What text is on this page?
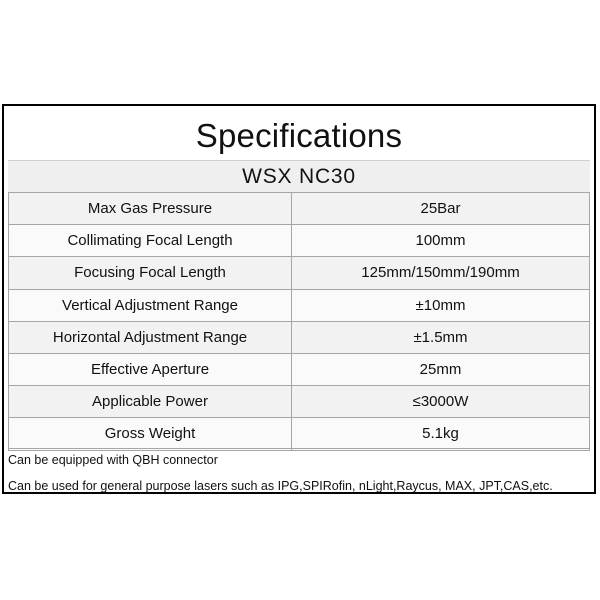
Specifications
WSX NC30
Max Gas Pressure	25Bar
Collimating Focal Length	100mm
Focusing Focal Length	125mm/150mm/190mm
Vertical Adjustment Range	±10mm
Horizontal Adjustment Range	±1.5mm
Effective Aperture	25mm
Applicable Power	≤3000W
Gross Weight	5.1kg
Can be equipped with QBH connector
Can be used for general purpose lasers such as IPG,SPIRofin, nLight,Raycus, MAX, JPT,CAS,etc.
